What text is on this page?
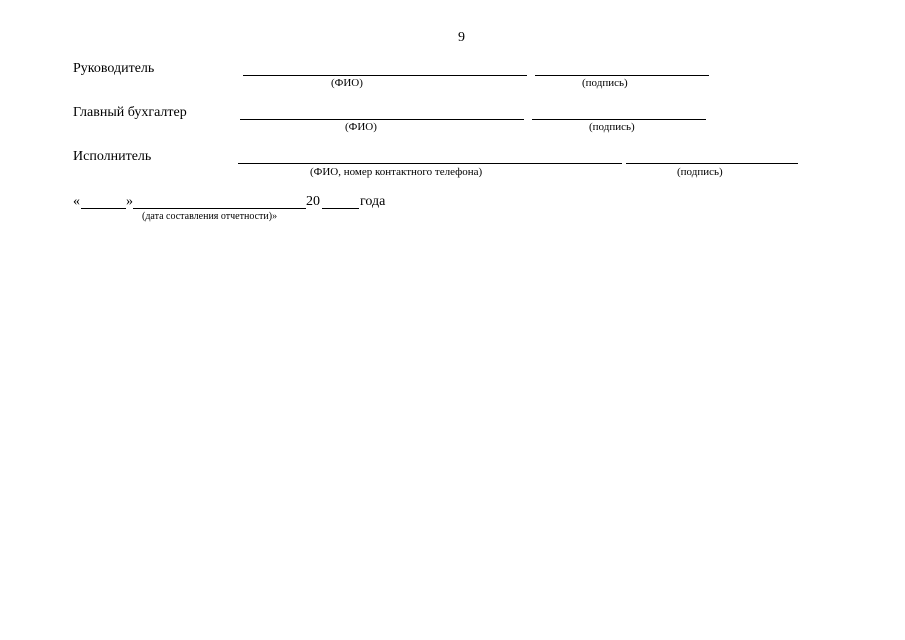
9
Руководитель
(ФИО)	(подпись)
Главный бухгалтер
(ФИО)	(подпись)
Исполнитель
(ФИО, номер контактного телефона)	(подпись)
«	»	20	года
(дата составления отчетности)»
